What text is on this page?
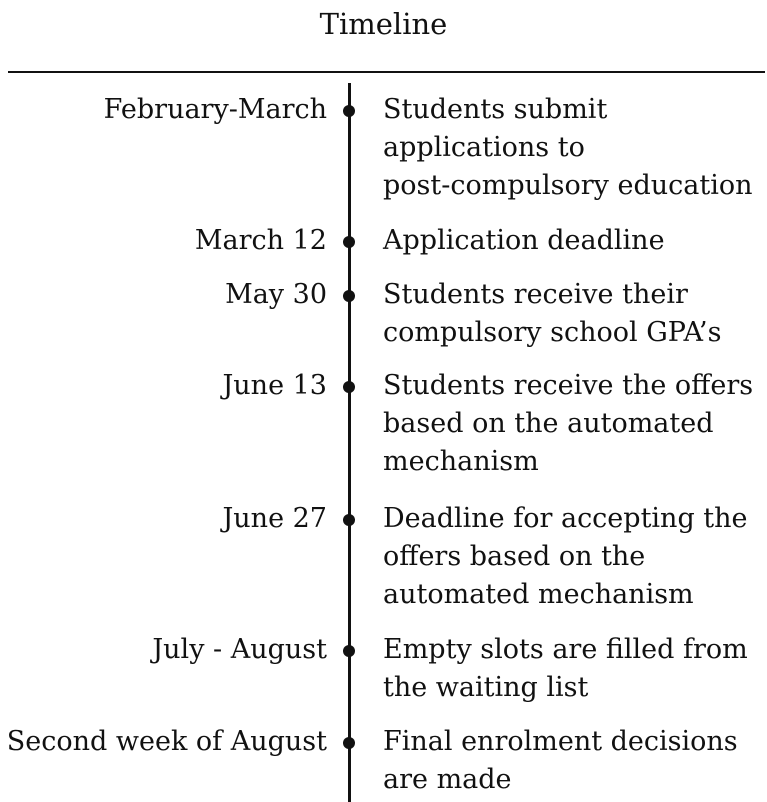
Timeline
February-March Students submit
applications to
post-compulsory education
March 12 Application deadline
May 30 Students receive their
compulsory school GPA’s
June 13 Students receive the offers
based on the automated
mechanism
June 27 Deadline for accepting the
offers based on the
automated mechanism
July - August Empty slots are filled from
the waiting list
Second week of August Final enrolment decisions
are made
